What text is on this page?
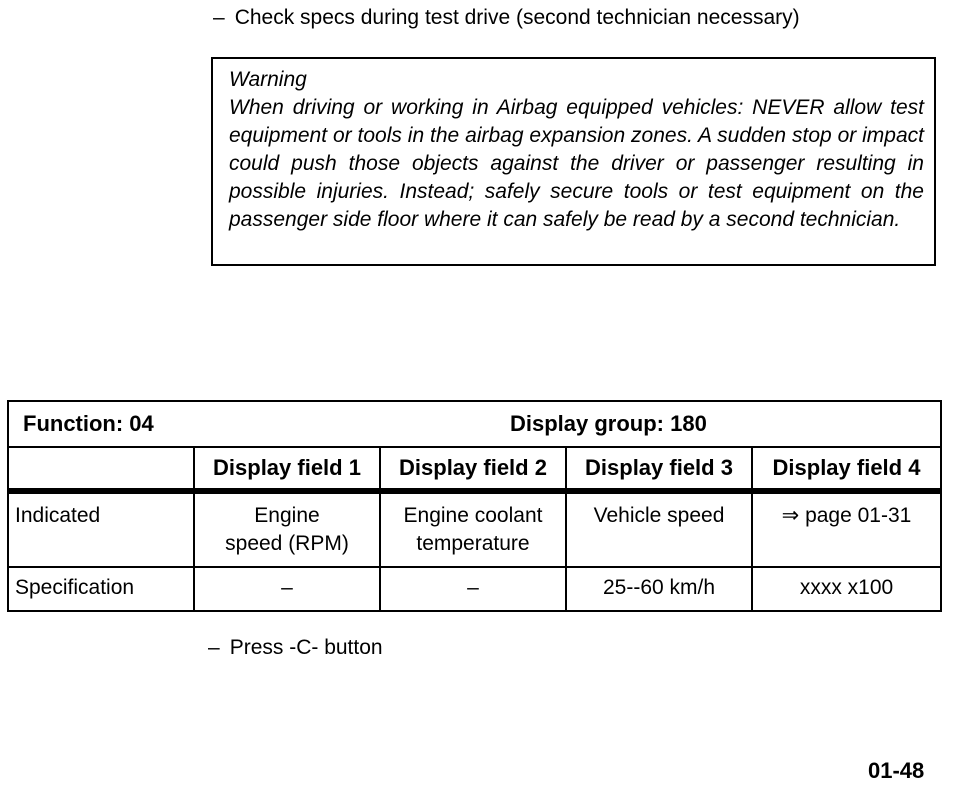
– Check specs during test drive (second technician necessary)
Warning
When driving or working in Airbag equipped vehicles: NEVER allow test equipment or tools in the airbag expansion zones. A sudden stop or impact could push those objects against the driver or passenger resulting in possible injuries. Instead; safely secure tools or test equipment on the passenger side floor where it can safely be read by a second technician.
Function: 04		Display group: 180		
	Display field 1	Display field 2	Display field 3	Display field 4
Indicated	Engine speed (RPM)	Engine coolant temperature	Vehicle speed	⇒ page 01-31
Specification	–	–	25--60 km/h	xxxx x100
– Press -C- button
01-48
